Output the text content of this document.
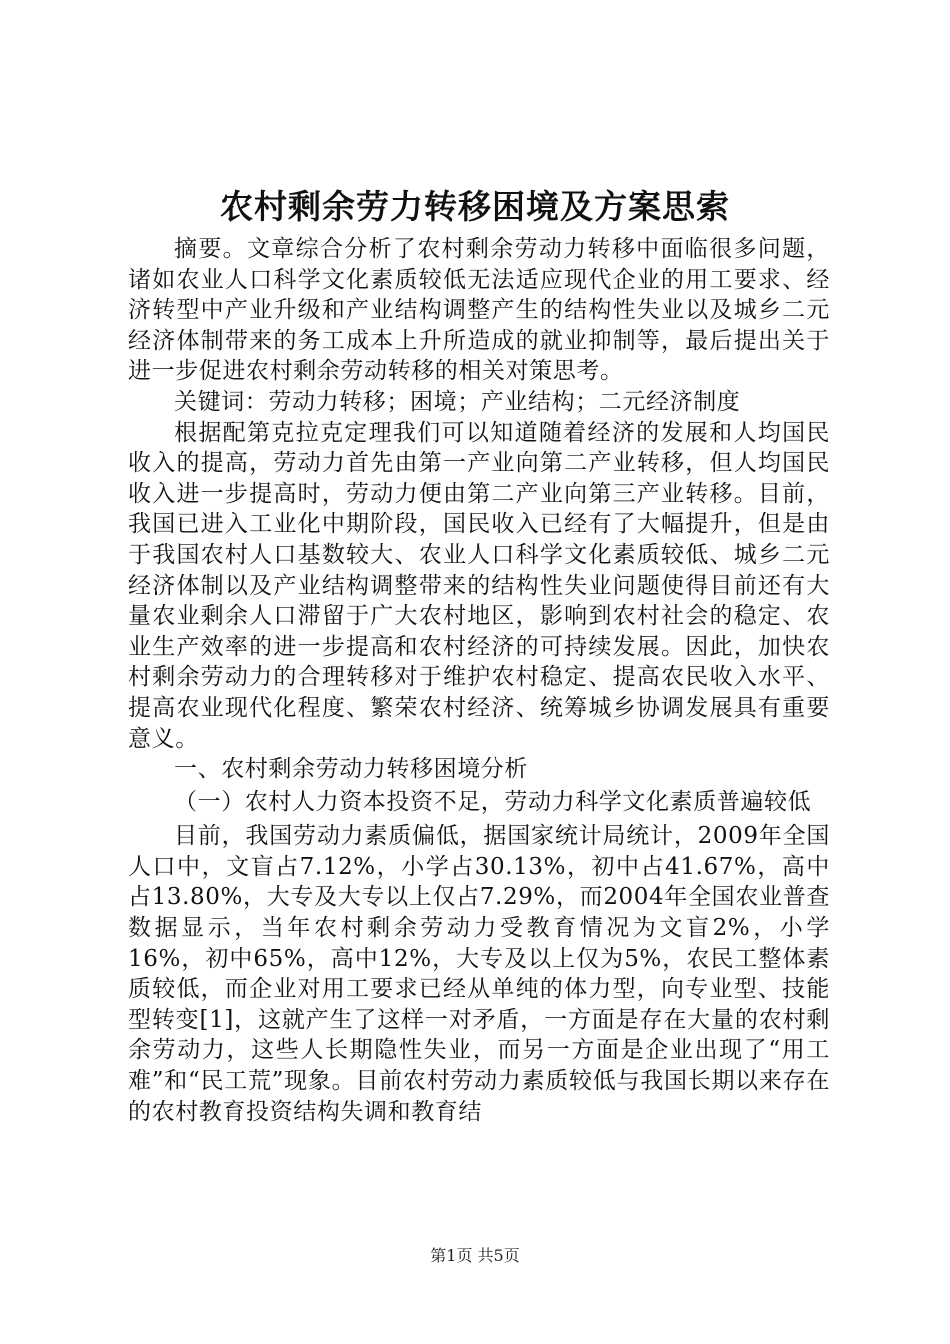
农村剩余劳力转移困境及方案思索

摘要。文章综合分析了农村剩余劳动力转移中面临很多问题，诸如农业人口科学文化素质较低无法适应现代企业的用工要求、经济转型中产业升级和产业结构调整产生的结构性失业以及城乡二元经济体制带来的务工成本上升所造成的就业抑制等，最后提出关于进一步促进农村剩余劳动转移的相关对策思考。

关键词：劳动力转移；困境；产业结构；二元经济制度

根据配第克拉克定理我们可以知道随着经济的发展和人均国民收入的提高，劳动力首先由第一产业向第二产业转移，但人均国民收入进一步提高时，劳动力便由第二产业向第三产业转移。目前，我国已进入工业化中期阶段，国民收入已经有了大幅提升，但是由于我国农村人口基数较大、农业人口科学文化素质较低、城乡二元经济体制以及产业结构调整带来的结构性失业问题使得目前还有大量农业剩余人口滞留于广大农村地区，影响到农村社会的稳定、农业生产效率的进一步提高和农村经济的可持续发展。因此，加快农村剩余劳动力的合理转移对于维护农村稳定、提高农民收入水平、提高农业现代化程度、繁荣农村经济、统筹城乡协调发展具有重要意义。

一、农村剩余劳动力转移困境分析

（一）农村人力资本投资不足，劳动力科学文化素质普遍较低

目前，我国劳动力素质偏低，据国家统计局统计，2009年全国人口中，文盲占7.12%，小学占30.13%，初中占41.67%，高中占13.80%，大专及大专以上仅占7.29%，而2004年全国农业普查数据显示，当年农村剩余劳动力受教育情况为文盲2%，小学16%，初中65%，高中12%，大专及以上仅为5%，农民工整体素质较低，而企业对用工要求已经从单纯的体力型，向专业型、技能型转变[1]，这就产生了这样一对矛盾，一方面是存在大量的农村剩余劳动力，这些人长期隐性失业，而另一方面是企业出现了“用工难”和“民工荒”现象。目前农村劳动力素质较低与我国长期以来存在的农村教育投资结构失调和教育结

第1页 共5页
